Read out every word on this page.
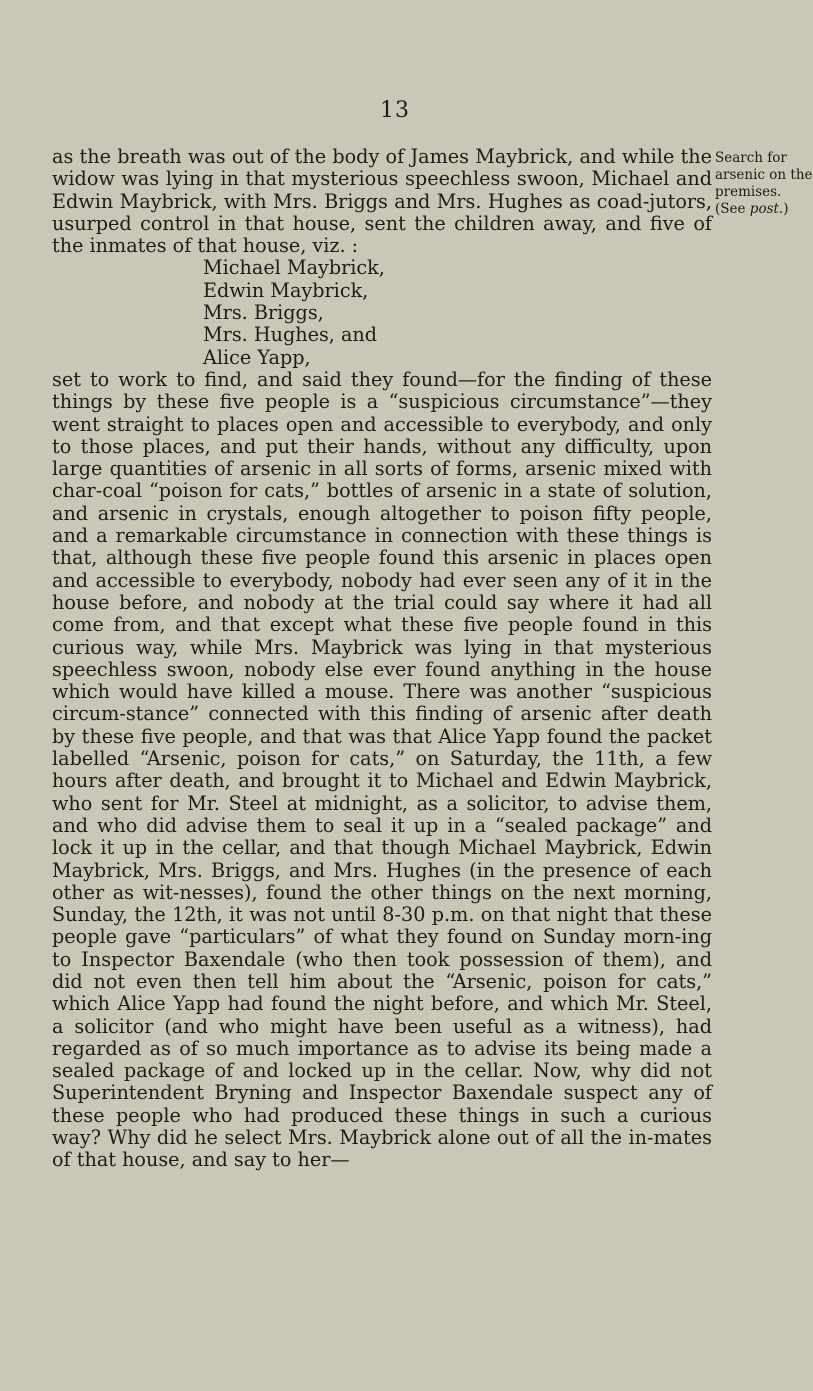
13
Search for
arsenic on the
premises.
(See post.)

as the breath was out of the body of James Maybrick, and while the widow was lying in that mysterious speechless swoon, Michael and Edwin Maybrick, with Mrs. Briggs and Mrs. Hughes as coad-jutors, usurped control in that house, sent the children away, and five of the inmates of that house, viz. :

Michael Maybrick,
Edwin Maybrick,
Mrs. Briggs,
Mrs. Hughes, and
Alice Yapp,

set to work to find, and said they found—for the finding of these things by these five people is a “suspicious circumstance”—they went straight to places open and accessible to everybody, and only to those places, and put their hands, without any difficulty, upon large quantities of arsenic in all sorts of forms, arsenic mixed with char-coal “poison for cats,” bottles of arsenic in a state of solution, and arsenic in crystals, enough altogether to poison fifty people, and a remarkable circumstance in connection with these things is that, although these five people found this arsenic in places open and accessible to everybody, nobody had ever seen any of it in the house before, and nobody at the trial could say where it had all come from, and that except what these five people found in this curious way, while Mrs. Maybrick was lying in that mysterious speechless swoon, nobody else ever found anything in the house which would have killed a mouse. There was another “suspicious circum-stance” connected with this finding of arsenic after death by these five people, and that was that Alice Yapp found the packet labelled “Arsenic, poison for cats,” on Saturday, the 11th, a few hours after death, and brought it to Michael and Edwin Maybrick, who sent for Mr. Steel at midnight, as a solicitor, to advise them, and who did advise them to seal it up in a “sealed package” and lock it up in the cellar, and that though Michael Maybrick, Edwin Maybrick, Mrs. Briggs, and Mrs. Hughes (in the presence of each other as wit-nesses), found the other things on the next morning, Sunday, the 12th, it was not until 8-30 p.m. on that night that these people gave “particulars” of what they found on Sunday morn-ing to Inspector Baxendale (who then took possession of them), and did not even then tell him about the “Arsenic, poison for cats,” which Alice Yapp had found the night before, and which Mr. Steel, a solicitor (and who might have been useful as a witness), had regarded as of so much importance as to advise its being made a sealed package of and locked up in the cellar. Now, why did not Superintendent Bryning and Inspector Baxendale suspect any of these people who had produced these things in such a curious way? Why did he select Mrs. Maybrick alone out of all the in-mates of that house, and say to her—
